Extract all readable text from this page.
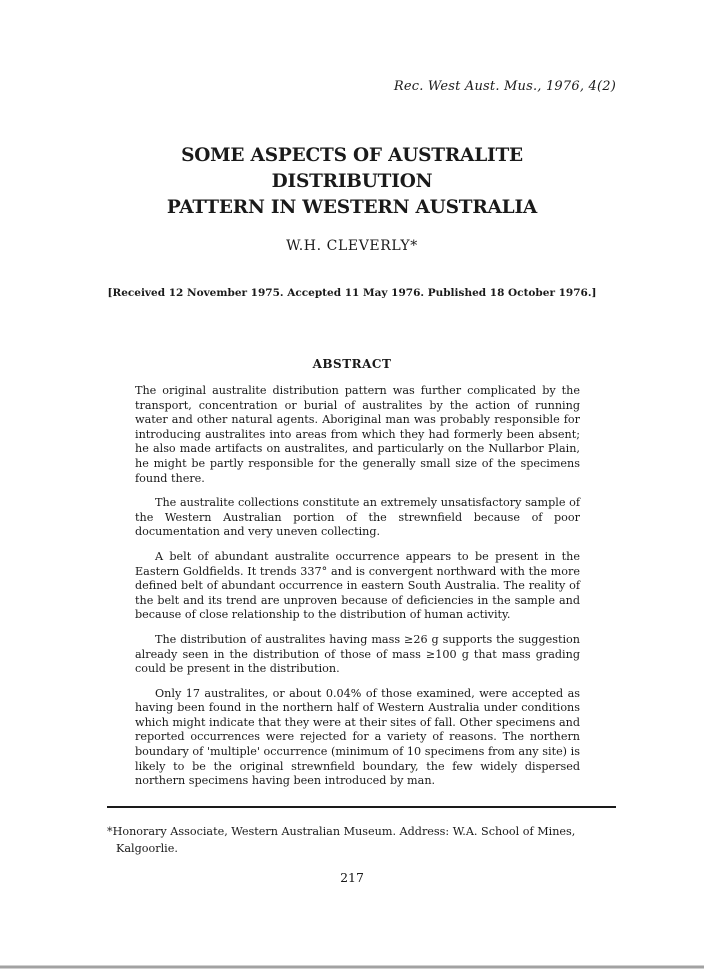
Rec. West Aust. Mus., 1976, 4(2)
SOME ASPECTS OF AUSTRALITE DISTRIBUTION
PATTERN IN WESTERN AUSTRALIA
W.H. CLEVERLY*
[Received 12 November 1975. Accepted 11 May 1976. Published 18 October 1976.]
ABSTRACT

The original australite distribution pattern was further complicated by the transport, concentration or burial of australites by the action of running water and other natural agents. Aboriginal man was probably responsible for introducing australites into areas from which they had formerly been absent; he also made artifacts on australites, and particularly on the Nullarbor Plain, he might be partly responsible for the generally small size of the specimens found there.

The australite collections constitute an extremely unsatisfactory sample of the Western Australian portion of the strewnfield because of poor documentation and very uneven collecting.

A belt of abundant australite occurrence appears to be present in the Eastern Goldfields. It trends 337° and is convergent northward with the more defined belt of abundant occurrence in eastern South Australia. The reality of the belt and its trend are unproven because of deficiencies in the sample and because of close relationship to the distribution of human activity.

The distribution of australites having mass ≥26 g supports the suggestion already seen in the distribution of those of mass ≥100 g that mass grading could be present in the distribution.

Only 17 australites, or about 0.04% of those examined, were accepted as having been found in the northern half of Western Australia under conditions which might indicate that they were at their sites of fall. Other specimens and reported occurrences were rejected for a variety of reasons. The northern boundary of 'multiple' occurrence (minimum of 10 specimens from any site) is likely to be the original strewnfield boundary, the few widely dispersed northern specimens having been introduced by man.

*Honorary Associate, Western Australian Museum. Address: W.A. School of Mines,
Kalgoorlie.
217
